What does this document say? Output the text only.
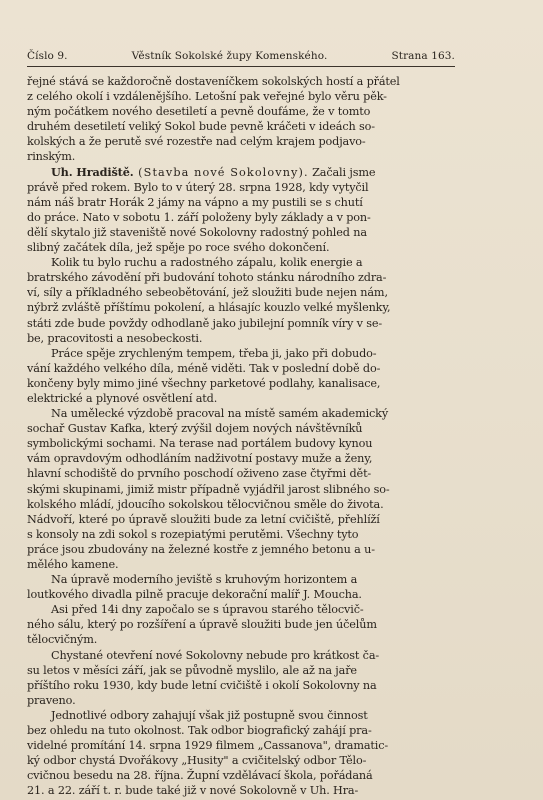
Číslo 9.	Věstník Sokolské župy Komenského.	Strana 163.
řejné stává se každoročně dostaveníčkem sokolských hostí a přátel
z celého okolí i vzdálenějšího. Letošní pak veřejné bylo věru pěk-
ným počátkem nového desetiletí a pevně doufáme, že v tomto
druhém desetiletí veliký Sokol bude pevně kráčeti v ideách so-
kolských a že perutě své rozestře nad celým krajem podjavo-
rinským.
Uh. Hradiště. (Stavba nové Sokolovny). Začali jsme
právě před rokem. Bylo to v úterý 28. srpna 1928, kdy vytyčil
nám náš bratr Horák 2 jámy na vápno a my pustili se s chutí
do práce. Nato v sobotu 1. září položeny byly základy a v pon-
dělí skytalo již staveniště nové Sokolovny radostný pohled na
slibný začátek díla, jež spěje po roce svého dokončení.
Kolik tu bylo ruchu a radostného zápalu, kolik energie a
bratrského závodění při budování tohoto stánku národního zdra-
ví, síly a příkladného sebeobětování, jež sloužiti bude nejen nám,
nýbrž zvláště příštímu pokolení, a hlásajíc kouzlo velké myšlenky,
státi zde bude povždy odhodlaně jako jubilejní pomník víry v se-
be, pracovitosti a nesobeckosti.
Práce spěje zrychleným tempem, třeba ji, jako při dobudo-
vání každého velkého díla, méně viděti. Tak v poslední době do-
končeny byly mimo jiné všechny parketové podlahy, kanalisace,
elektrické a plynové osvětlení atd.
Na umělecké výzdobě pracoval na místě samém akademický
sochař Gustav Kafka, který zvýšil dojem nových návštěvníků
symbolickými sochami. Na terase nad portálem budovy kynou
vám opravdovým odhodláním nadživotní postavy muže a ženy,
hlavní schodiště do prvního poschodí oživeno zase čtyřmi dět-
skými skupinami, jimiž mistr případně vyjádřil jarost slibného so-
kolského mládí, jdoucího sokolskou tělocvičnou směle do života.
Nádvoří, které po úpravě sloužiti bude za letní cvičiště, přehlíží
s konsoly na zdi sokol s rozepiatými perutěmi. Všechny tyto
práce jsou zbudovány na železné kostře z jemného betonu a u-
mělého kamene.
Na úpravě moderního jeviště s kruhovým horizontem a
loutkového divadla pilně pracuje dekorační malíř J. Moucha.
Asi před 14i dny započalo se s úpravou starého tělocvič-
ného sálu, který po rozšíření a úpravě sloužiti bude jen účelům
tělocvičným.
Chystané otevření nové Sokolovny nebude pro krátkost ča-
su letos v měsíci září, jak se původně myslilo, ale až na jaře
příštího roku 1930, kdy bude letní cvičiště i okolí Sokolovny na
praveno.
Jednotlivé odbory zahajují však již postupně svou činnost
bez ohledu na tuto okolnost. Tak odbor biografický zahájí pra-
videlné promítání 14. srpna 1929 filmem „Cassanova", dramatic-
ký odbor chystá Dvořákovy „Husity" a cvičitelský odbor Tělo-
cvičnou besedu na 28. října. Župní vzdělávací škola, pořádaná
21. a 22. září t. r. bude také již v nové Sokolovně v Uh. Hra-
